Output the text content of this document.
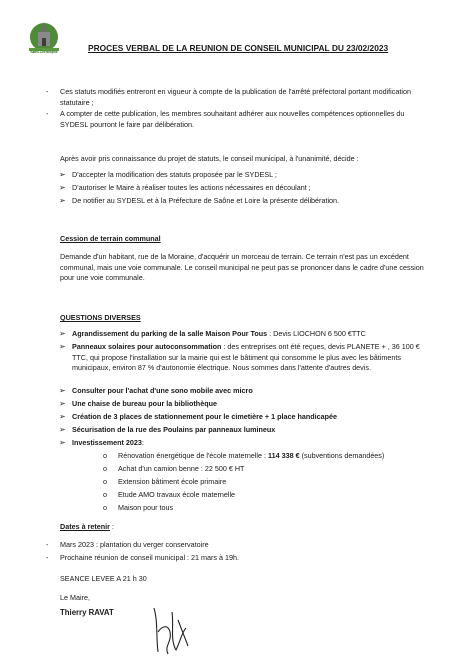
Saint-Christophe	PROCES VERBAL DE LA REUNION DE CONSEIL MUNICIPAL DU 23/02/2023
- Ces statuts modifiés entreront en vigueur à compte de la publication de l'arrêté préfectoral portant modification statutaire ;
- A compter de cette publication, les membres souhaitant adhérer aux nouvelles compétences optionnelles du SYDESL pourront le faire par délibération.
Après avoir pris connaissance du projet de statuts, le conseil municipal, à l'unanimité, décide :
➢ D'accepter la modification des statuts proposée par le SYDESL ;
➢ D'autoriser le Maire à réaliser toutes les actions nécessaires en découlant ;
➢ De notifier au SYDESL et à la Préfecture de Saône et Loire la présente délibération.
Cession de terrain communal
Demande d'un habitant, rue de la Moraine, d'acquérir un morceau de terrain. Ce terrain n'est pas un excédent communal, mais une voie communale. Le conseil municipal ne peut pas se prononcer dans le cadre d'une cession pour une voie communale.
QUESTIONS DIVERSES
➢ Agrandissement du parking de la salle Maison Pour Tous : Devis LIOCHON 6 500 €TTC
➢ Panneaux solaires pour autoconsommation : des entreprises ont été reçues, devis PLANETE + , 36 100 € TTC, qui propose l'installation sur la mairie qui est le bâtiment qui consomme le plus avec les bâtiments municipaux, environ 87 % d'autonomie électrique. Nous sommes dans l'attente d'autres devis.
➢ Consulter pour l'achat d'une sono mobile avec micro
➢ Une chaise de bureau pour la bibliothèque
➢ Création de 3 places de stationnement pour le cimetière + 1 place handicapée
➢ Sécurisation de la rue des Poulains par panneaux lumineux
➢ Investissement 2023:
o Rénovation énergétique de l'école maternelle : 114 338 € (subventions demandées)
o Achat d'un camion benne : 22 500 € HT
o Extension bâtiment école primaire
o Etude AMO travaux école maternelle
o Maison pour tous
Dates à retenir :
- Mars 2023 : plantation du verger conservatoire
- Prochaine réunion de conseil municipal : 21 mars à 19h.
SEANCE LEVEE A 21 h 30
Le Maire,
Thierry RAVAT
